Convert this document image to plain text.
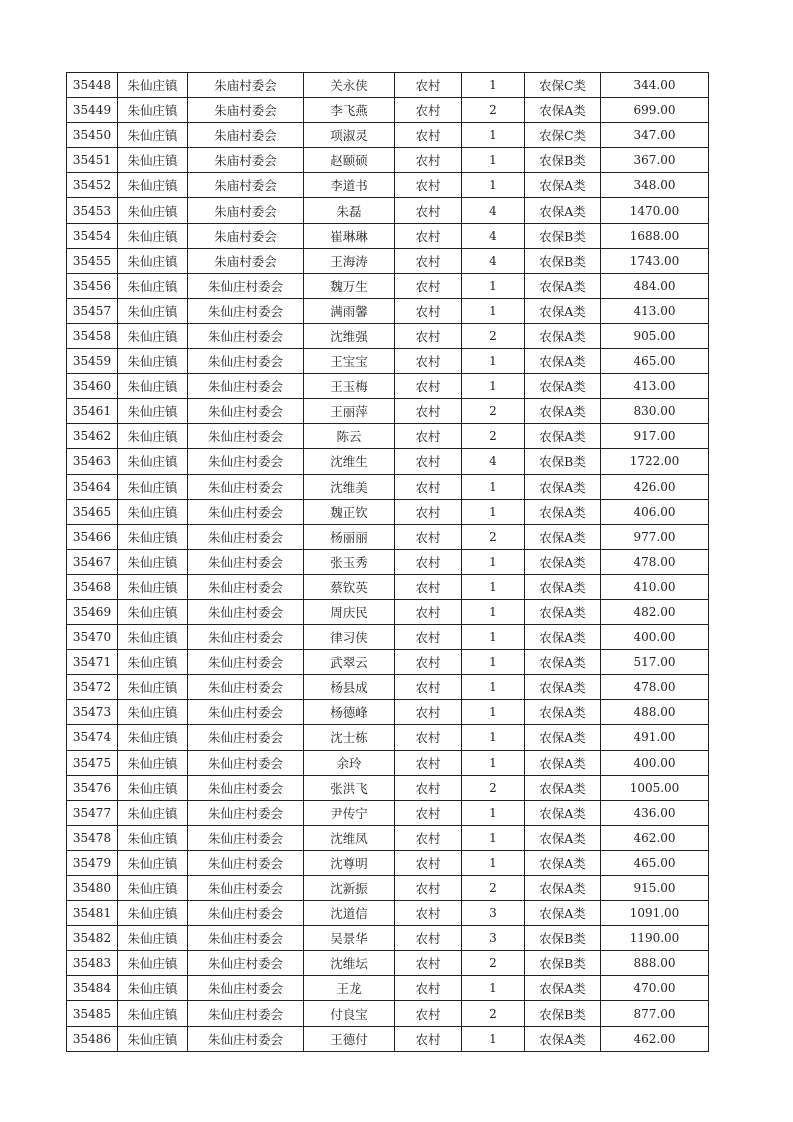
35448	朱仙庄镇	朱庙村委会	关永侠	农村	1	农保C类	344.00
35449	朱仙庄镇	朱庙村委会	李飞燕	农村	2	农保A类	699.00
35450	朱仙庄镇	朱庙村委会	项淑灵	农村	1	农保C类	347.00
35451	朱仙庄镇	朱庙村委会	赵颐硕	农村	1	农保B类	367.00
35452	朱仙庄镇	朱庙村委会	李道书	农村	1	农保A类	348.00
35453	朱仙庄镇	朱庙村委会	朱磊	农村	4	农保A类	1470.00
35454	朱仙庄镇	朱庙村委会	崔琳琳	农村	4	农保B类	1688.00
35455	朱仙庄镇	朱庙村委会	王海涛	农村	4	农保B类	1743.00
35456	朱仙庄镇	朱仙庄村委会	魏万生	农村	1	农保A类	484.00
35457	朱仙庄镇	朱仙庄村委会	满雨馨	农村	1	农保A类	413.00
35458	朱仙庄镇	朱仙庄村委会	沈维强	农村	2	农保A类	905.00
35459	朱仙庄镇	朱仙庄村委会	王宝宝	农村	1	农保A类	465.00
35460	朱仙庄镇	朱仙庄村委会	王玉梅	农村	1	农保A类	413.00
35461	朱仙庄镇	朱仙庄村委会	王丽萍	农村	2	农保A类	830.00
35462	朱仙庄镇	朱仙庄村委会	陈云	农村	2	农保A类	917.00
35463	朱仙庄镇	朱仙庄村委会	沈维生	农村	4	农保B类	1722.00
35464	朱仙庄镇	朱仙庄村委会	沈维美	农村	1	农保A类	426.00
35465	朱仙庄镇	朱仙庄村委会	魏正钦	农村	1	农保A类	406.00
35466	朱仙庄镇	朱仙庄村委会	杨丽丽	农村	2	农保A类	977.00
35467	朱仙庄镇	朱仙庄村委会	张玉秀	农村	1	农保A类	478.00
35468	朱仙庄镇	朱仙庄村委会	蔡钦英	农村	1	农保A类	410.00
35469	朱仙庄镇	朱仙庄村委会	周庆民	农村	1	农保A类	482.00
35470	朱仙庄镇	朱仙庄村委会	律习侠	农村	1	农保A类	400.00
35471	朱仙庄镇	朱仙庄村委会	武翠云	农村	1	农保A类	517.00
35472	朱仙庄镇	朱仙庄村委会	杨县成	农村	1	农保A类	478.00
35473	朱仙庄镇	朱仙庄村委会	杨德峰	农村	1	农保A类	488.00
35474	朱仙庄镇	朱仙庄村委会	沈士栋	农村	1	农保A类	491.00
35475	朱仙庄镇	朱仙庄村委会	余玲	农村	1	农保A类	400.00
35476	朱仙庄镇	朱仙庄村委会	张洪飞	农村	2	农保A类	1005.00
35477	朱仙庄镇	朱仙庄村委会	尹传宁	农村	1	农保A类	436.00
35478	朱仙庄镇	朱仙庄村委会	沈维凤	农村	1	农保A类	462.00
35479	朱仙庄镇	朱仙庄村委会	沈尊明	农村	1	农保A类	465.00
35480	朱仙庄镇	朱仙庄村委会	沈新振	农村	2	农保A类	915.00
35481	朱仙庄镇	朱仙庄村委会	沈道信	农村	3	农保A类	1091.00
35482	朱仙庄镇	朱仙庄村委会	吴景华	农村	3	农保B类	1190.00
35483	朱仙庄镇	朱仙庄村委会	沈维坛	农村	2	农保B类	888.00
35484	朱仙庄镇	朱仙庄村委会	王龙	农村	1	农保A类	470.00
35485	朱仙庄镇	朱仙庄村委会	付良宝	农村	2	农保B类	877.00
35486	朱仙庄镇	朱仙庄村委会	王德付	农村	1	农保A类	462.00
